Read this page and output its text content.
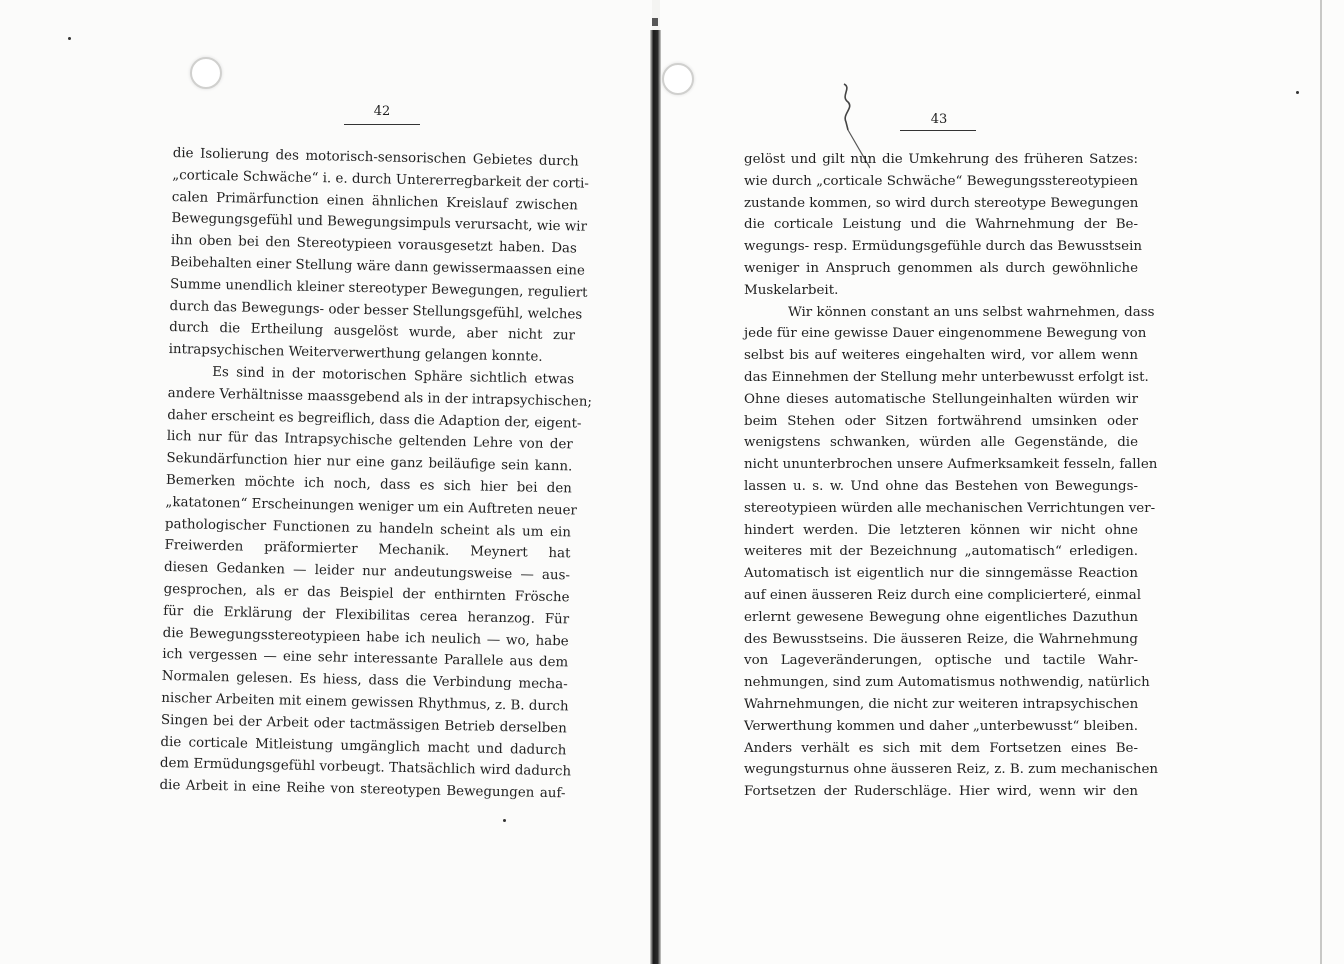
42
43
die Isolierung des motorisch-sensorischen Gebietes durch
„corticale Schwäche“ i. e. durch Untererregbarkeit der corti-
calen Primärfunction einen ähnlichen Kreislauf zwischen
Bewegungsgefühl und Bewegungsimpuls verursacht, wie wir
ihn oben bei den Stereotypieen vorausgesetzt haben. Das
Beibehalten einer Stellung wäre dann gewissermaassen eine
Summe unendlich kleiner stereotyper Bewegungen, reguliert
durch das Bewegungs- oder besser Stellungsgefühl, welches
durch die Ertheilung ausgelöst wurde, aber nicht zur
intrapsychischen Weiterverwerthung gelangen konnte.
Es sind in der motorischen Sphäre sichtlich etwas
andere Verhältnisse maassgebend als in der intrapsychischen;
daher erscheint es begreiflich, dass die Adaption der, eigent-
lich nur für das Intrapsychische geltenden Lehre von der
Sekundärfunction hier nur eine ganz beiläufige sein kann.
Bemerken möchte ich noch, dass es sich hier bei den
„katatonen“ Erscheinungen weniger um ein Auftreten neuer
pathologischer Functionen zu handeln scheint als um ein
Freiwerden präformierter Mechanik. Meynert hat
diesen Gedanken — leider nur andeutungsweise — aus-
gesprochen, als er das Beispiel der enthirnten Frösche
für die Erklärung der Flexibilitas cerea heranzog. Für
die Bewegungsstereotypieen habe ich neulich — wo, habe
ich vergessen — eine sehr interessante Parallele aus dem
Normalen gelesen. Es hiess, dass die Verbindung mecha-
nischer Arbeiten mit einem gewissen Rhythmus, z. B. durch
Singen bei der Arbeit oder tactmässigen Betrieb derselben
die corticale Mitleistung umgänglich macht und dadurch
dem Ermüdungsgefühl vorbeugt. Thatsächlich wird dadurch
die Arbeit in eine Reihe von stereotypen Bewegungen auf-
gelöst und gilt nun die Umkehrung des früheren Satzes:
wie durch „corticale Schwäche“ Bewegungsstereotypieen
zustande kommen, so wird durch stereotype Bewegungen
die corticale Leistung und die Wahrnehmung der Be-
wegungs- resp. Ermüdungsgefühle durch das Bewusstsein
weniger in Anspruch genommen als durch gewöhnliche
Muskelarbeit.
Wir können constant an uns selbst wahrnehmen, dass
jede für eine gewisse Dauer eingenommene Bewegung von
selbst bis auf weiteres eingehalten wird, vor allem wenn
das Einnehmen der Stellung mehr unterbewusst erfolgt ist.
Ohne dieses automatische Stellungeinhalten würden wir
beim Stehen oder Sitzen fortwährend umsinken oder
wenigstens schwanken, würden alle Gegenstände, die
nicht ununterbrochen unsere Aufmerksamkeit fesseln, fallen
lassen u. s. w. Und ohne das Bestehen von Bewegungs-
stereotypieen würden alle mechanischen Verrichtungen ver-
hindert werden. Die letzteren können wir nicht ohne
weiteres mit der Bezeichnung „automatisch“ erledigen.
Automatisch ist eigentlich nur die sinngemässe Reaction
auf einen äusseren Reiz durch eine complicierteré, einmal
erlernt gewesene Bewegung ohne eigentliches Dazuthun
des Bewusstseins. Die äusseren Reize, die Wahrnehmung
von Lageveränderungen, optische und tactile Wahr-
nehmungen, sind zum Automatismus nothwendig, natürlich
Wahrnehmungen, die nicht zur weiteren intrapsychischen
Verwerthung kommen und daher „unterbewusst“ bleiben.
Anders verhält es sich mit dem Fortsetzen eines Be-
wegungsturnus ohne äusseren Reiz, z. B. zum mechanischen
Fortsetzen der Ruderschläge. Hier wird, wenn wir den
